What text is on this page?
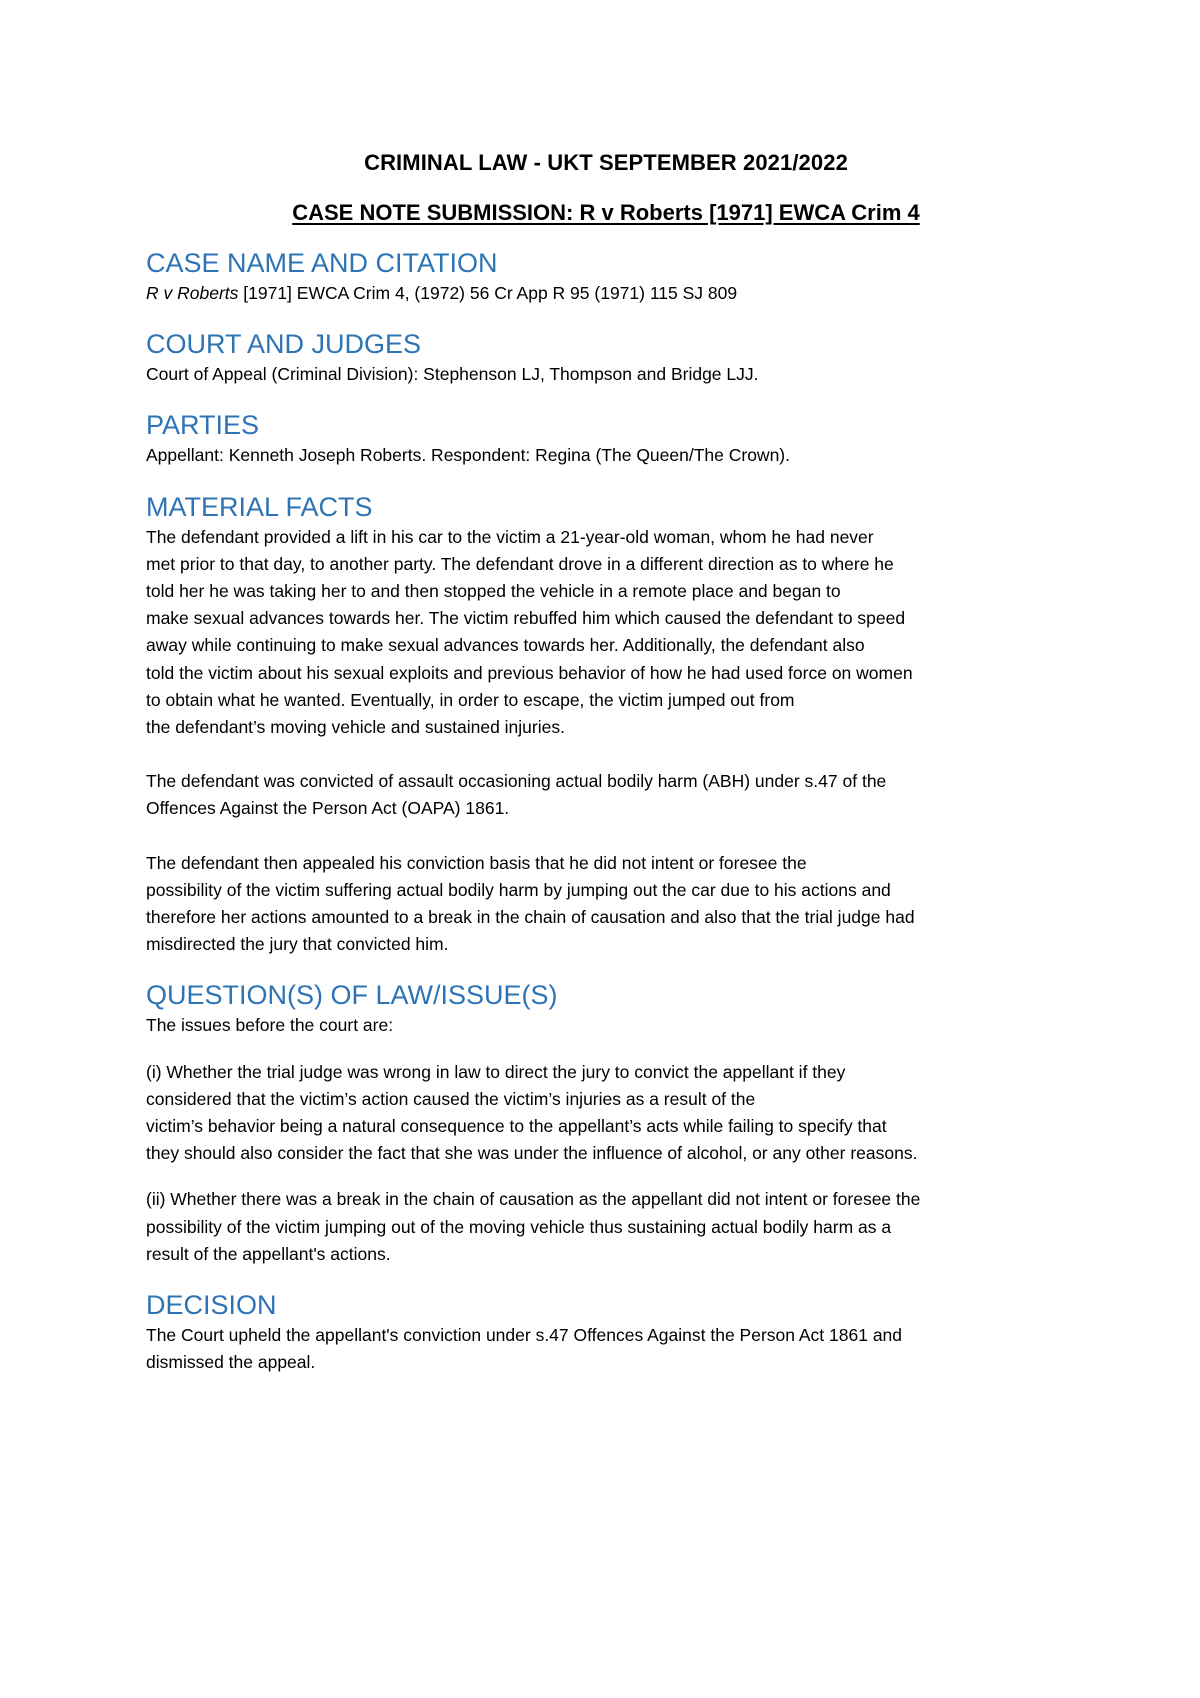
CRIMINAL LAW - UKT SEPTEMBER 2021/2022
CASE NOTE SUBMISSION: R v Roberts [1971] EWCA Crim 4
CASE NAME AND CITATION

R v Roberts [1971] EWCA Crim 4, (1972) 56 Cr App R 95 (1971) 115 SJ 809

COURT AND JUDGES

Court of Appeal (Criminal Division): Stephenson LJ, Thompson and Bridge LJJ.

PARTIES

Appellant: Kenneth Joseph Roberts. Respondent: Regina (The Queen/The Crown).

MATERIAL FACTS

The defendant provided a lift in his car to the victim a 21-year-old woman, whom he had never
met prior to that day, to another party. The defendant drove in a different direction as to where he
told her he was taking her to and then stopped the vehicle in a remote place and began to
make sexual advances towards her. The victim rebuffed him which caused the defendant to speed
away while continuing to make sexual advances towards her. Additionally, the defendant also
told the victim about his sexual exploits and previous behavior of how he had used force on women
to obtain what he wanted. Eventually, in order to escape, the victim jumped out from
the defendant’s moving vehicle and sustained injuries.

The defendant was convicted of assault occasioning actual bodily harm (ABH) under s.47 of the
Offences Against the Person Act (OAPA) 1861.

The defendant then appealed his conviction basis that he did not intent or foresee the
possibility of the victim suffering actual bodily harm by jumping out the car due to his actions and
therefore her actions amounted to a break in the chain of causation and also that the trial judge had
misdirected the jury that convicted him.

QUESTION(S) OF LAW/ISSUE(S)

The issues before the court are:

(i) Whether the trial judge was wrong in law to direct the jury to convict the appellant if they
considered that the victim’s action caused the victim’s injuries as a result of the
victim’s behavior being a natural consequence to the appellant’s acts while failing to specify that
they should also consider the fact that she was under the influence of alcohol, or any other reasons.

(ii) Whether there was a break in the chain of causation as the appellant did not intent or foresee the
possibility of the victim jumping out of the moving vehicle thus sustaining actual bodily harm as a
result of the appellant's actions.

DECISION

The Court upheld the appellant's conviction under s.47 Offences Against the Person Act 1861 and
dismissed the appeal.
